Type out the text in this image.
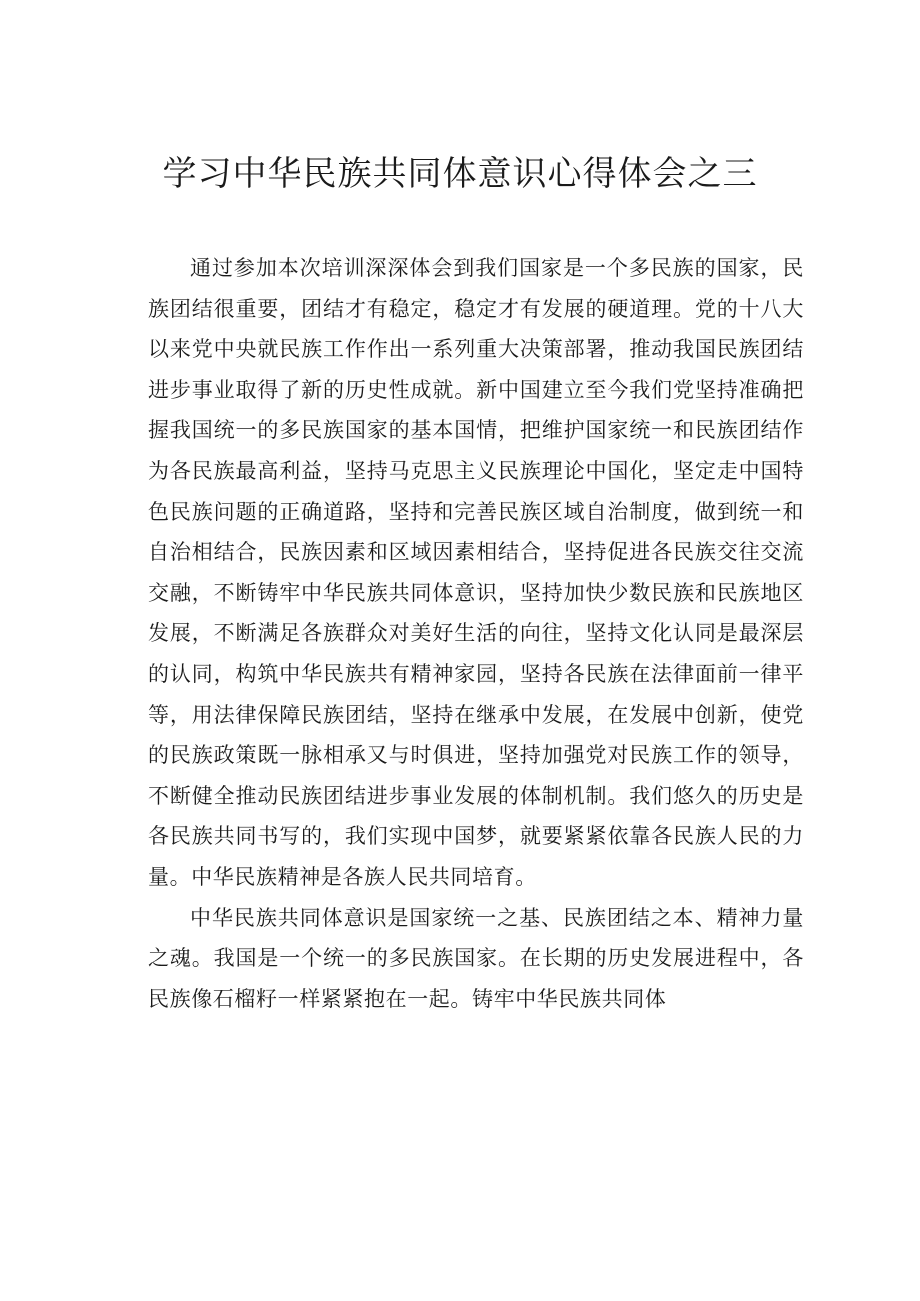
学习中华民族共同体意识心得体会之三

通过参加本次培训深深体会到我们国家是一个多民族的国家，民族团结很重要，团结才有稳定，稳定才有发展的硬道理。党的十八大以来党中央就民族工作作出一系列重大决策部署，推动我国民族团结进步事业取得了新的历史性成就。新中国建立至今我们党坚持准确把握我国统一的多民族国家的基本国情，把维护国家统一和民族团结作为各民族最高利益，坚持马克思主义民族理论中国化，坚定走中国特色民族问题的正确道路，坚持和完善民族区域自治制度，做到统一和自治相结合，民族因素和区域因素相结合，坚持促进各民族交往交流交融，不断铸牢中华民族共同体意识，坚持加快少数民族和民族地区发展，不断满足各族群众对美好生活的向往，坚持文化认同是最深层的认同，构筑中华民族共有精神家园，坚持各民族在法律面前一律平等，用法律保障民族团结，坚持在继承中发展，在发展中创新，使党的民族政策既一脉相承又与时俱进，坚持加强党对民族工作的领导，不断健全推动民族团结进步事业发展的体制机制。我们悠久的历史是各民族共同书写的，我们实现中国梦，就要紧紧依靠各民族人民的力量。中华民族精神是各族人民共同培育。

中华民族共同体意识是国家统一之基、民族团结之本、精神力量之魂。我国是一个统一的多民族国家。在长期的历史发展进程中，各民族像石榴籽一样紧紧抱在一起。铸牢中华民族共同体
